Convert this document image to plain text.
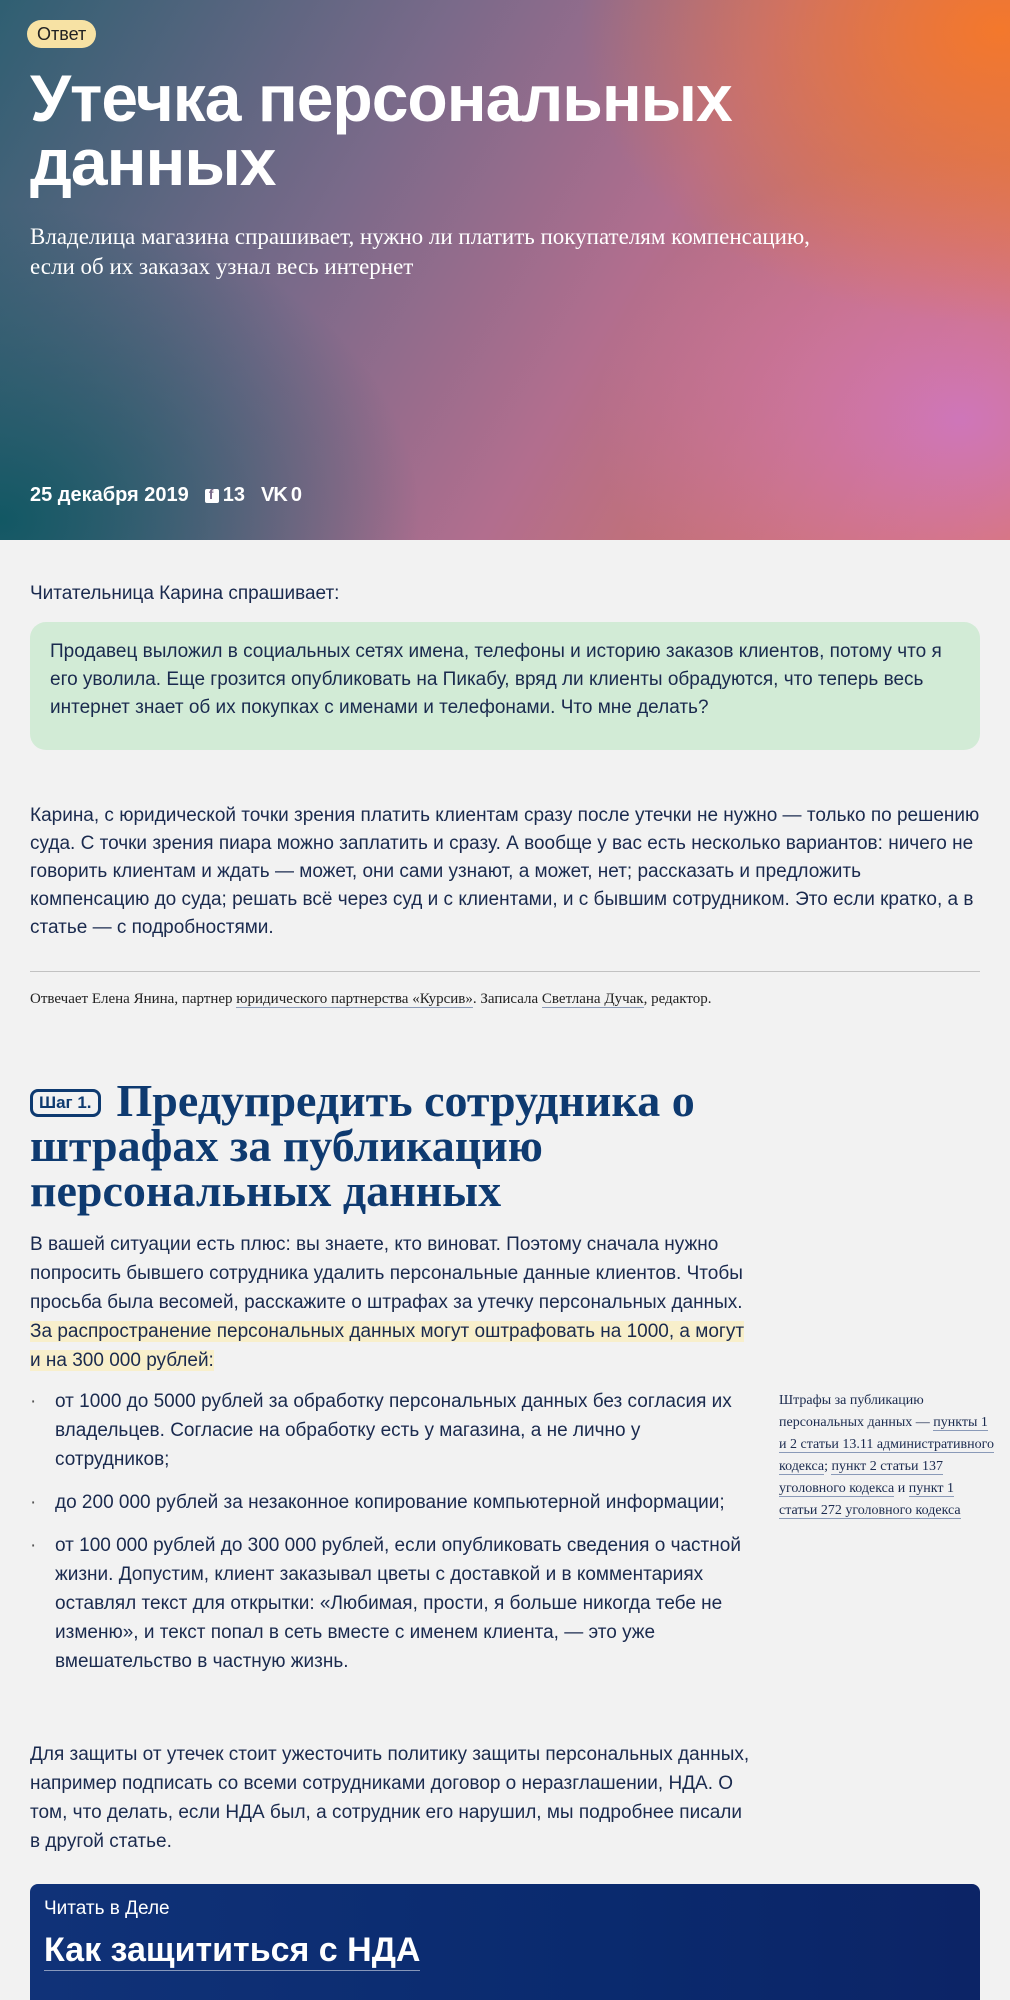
Ответ
Утечка персональных данных

Владелица магазина спрашивает, нужно ли платить покупателям компенсацию, если об их заказах узнал весь интернет

25 декабря 2019
f 13 VK 0

Читательница Карина спрашивает:

Продавец выложил в социальных сетях имена, телефоны и историю заказов клиентов, потому что я его уволила. Еще грозится опубликовать на Пикабу, вряд ли клиенты обрадуются, что теперь весь интернет знает об их покупках с именами и телефонами. Что мне делать?

Карина, с юридической точки зрения платить клиентам сразу после утечки не нужно — только по решению суда. С точки зрения пиара можно заплатить и сразу. А вообще у вас есть несколько вариантов: ничего не говорить клиентам и ждать — может, они сами узнают, а может, нет; рассказать и предложить компенсацию до суда; решать всё через суд и с клиентами, и с бывшим сотрудником. Это если кратко, а в статье — с подробностями.

Отвечает Елена Янина, партнер юридического партнерства «Курсив». Записала Светлана Дучак, редактор.

Шаг 1. Предупредить сотрудника о штрафах за публикацию персональных данных

В вашей ситуации есть плюс: вы знаете, кто виноват. Поэтому сначала нужно попросить бывшего сотрудника удалить персональные данные клиентов. Чтобы просьба была весомей, расскажите о штрафах за утечку персональных данных. За распространение персональных данных могут оштрафовать на 1000, а могут и на 300 000 рублей:

· от 1000 до 5000 рублей за обработку персональных данных без согласия их владельцев. Согласие на обработку есть у магазина, а не лично у сотрудников;
· до 200 000 рублей за незаконное копирование компьютерной информации;
· от 100 000 рублей до 300 000 рублей, если опубликовать сведения о частной жизни. Допустим, клиент заказывал цветы с доставкой и в комментариях оставлял текст для открытки: «Любимая, прости, я больше никогда тебе не изменю», и текст попал в сеть вместе с именем клиента, — это уже вмешательство в частную жизнь.
Штрафы за публикацию персональных данных — пункты 1 и 2 статьи 13.11 административного кодекса; пункт 2 статьи 137 уголовного кодекса и пункт 1 статьи 272 уголовного кодекса

Для защиты от утечек стоит ужесточить политику защиты персональных данных, например подписать со всеми сотрудниками договор о неразглашении, НДА. О том, что делать, если НДА был, а сотрудник его нарушил, мы подробнее писали в другой статье.

Читать в Деле
Как защититься с НДА
